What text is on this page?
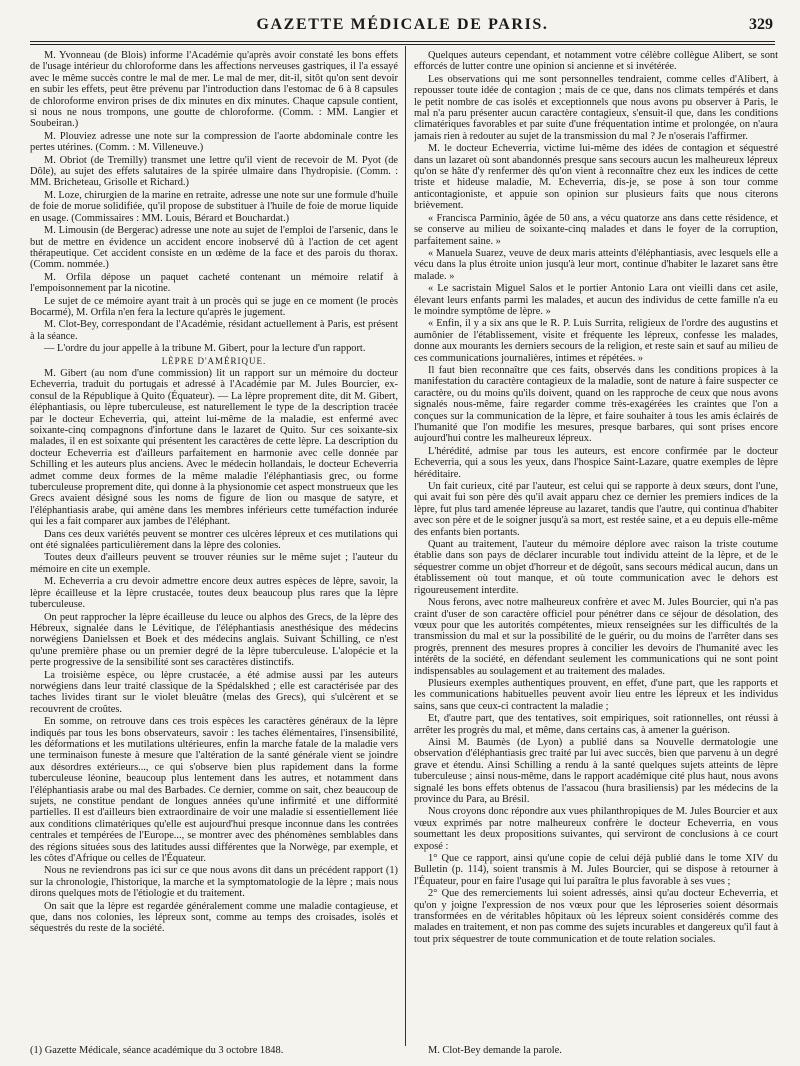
GAZETTE MÉDICALE DE PARIS.	329

M. Yvonneau (de Blois) informe l'Académie qu'après avoir constaté les bons effets de l'usage intérieur du chloroforme dans les affections nerveuses gastriques, il l'a essayé avec le même succès contre le mal de mer. Le mal de mer, dit-il, sitôt qu'on sent devoir en subir les effets, peut être prévenu par l'introduction dans l'estomac de 6 à 8 capsules de chloroforme environ prises de dix minutes en dix minutes. Chaque capsule contient, si nous ne nous trompons, une goutte de chloroforme. (Comm. : MM. Langier et Soubeiran.)

M. Plouviez adresse une note sur la compression de l'aorte abdominale contre les pertes utérines. (Comm. : M. Villeneuve.)

M. Obriot (de Tremilly) transmet une lettre qu'il vient de recevoir de M. Pyot (de Dôle), au sujet des effets salutaires de la spirée ulmaire dans l'hydropisie. (Comm. : MM. Bricheteau, Grisolle et Richard.)

M. Loze, chirurgien de la marine en retraite, adresse une note sur une formule d'huile de foie de morue solidifiée, qu'il propose de substituer à l'huile de foie de morue liquide en usage. (Commissaires : MM. Louis, Bérard et Bouchardat.)

M. Limousin (de Bergerac) adresse une note au sujet de l'emploi de l'arsenic, dans le but de mettre en évidence un accident encore inobservé dû à l'action de cet agent thérapeutique. Cet accident consiste en un œdème de la face et des parois du thorax. (Comm. nommée.)

M. Orfila dépose un paquet cacheté contenant un mémoire relatif à l'empoisonnement par la nicotine.

Le sujet de ce mémoire ayant trait à un procès qui se juge en ce moment (le procès Bocarmé), M. Orfila n'en fera la lecture qu'après le jugement.

M. Clot-Bey, correspondant de l'Académie, résidant actuellement à Paris, est présent à la séance.

— L'ordre du jour appelle à la tribune M. Gibert, pour la lecture d'un rapport.

LÈPRE D'AMÉRIQUE.

M. Gibert (au nom d'une commission) lit un rapport sur un mémoire du docteur Echeverria, traduit du portugais et adressé à l'Académie par M. Jules Bourcier, ex-consul de la République à Quito (Équateur). — La lèpre proprement dite, dit M. Gibert, éléphantiasis, ou lèpre tuberculeuse, est naturellement le type de la description tracée par le docteur Echeverria, qui, atteint lui-même de la maladie, est enfermé avec soixante-cinq compagnons d'infortune dans le lazaret de Quito. Sur ces soixante-six malades, il en est soixante qui présentent les caractères de cette lèpre. La description du docteur Echeverria est d'ailleurs parfaitement en harmonie avec celle donnée par Schilling et les auteurs plus anciens. Avec le médecin hollandais, le docteur Echeverria admet comme deux formes de la même maladie l'éléphantiasis grec, ou forme tuberculeuse proprement dite, qui donne à la physionomie cet aspect monstrueux que les Grecs avaient désigné sous les noms de figure de lion ou masque de satyre, et l'éléphantiasis arabe, qui amène dans les membres inférieurs cette tuméfaction indurée qui les a fait comparer aux jambes de l'éléphant.

Dans ces deux variétés peuvent se montrer ces ulcères lépreux et ces mutilations qui ont été signalées particulièrement dans la lèpre des colonies.

Toutes deux d'ailleurs peuvent se trouver réunies sur le même sujet ; l'auteur du mémoire en cite un exemple.

M. Echeverria a cru devoir admettre encore deux autres espèces de lèpre, savoir, la lèpre écailleuse et la lèpre crustacée, toutes deux beaucoup plus rares que la lèpre tuberculeuse.

On peut rapprocher la lèpre écailleuse du leuce ou alphos des Grecs, de la lèpre des Hébreux, signalée dans le Lévitique, de l'éléphantiasis anesthésique des médecins norwégiens Danielssen et Boek et des médecins anglais. Suivant Schilling, ce n'est qu'une première phase ou un premier degré de la lèpre tuberculeuse. L'alopécie et la perte progressive de la sensibilité sont ses caractères distinctifs.

La troisième espèce, ou lèpre crustacée, a été admise aussi par les auteurs norwégiens dans leur traité classique de la Spédalskhed ; elle est caractérisée par des taches livides tirant sur le violet bleuâtre (melas des Grecs), qui s'ulcèrent et se recouvrent de croûtes.

En somme, on retrouve dans ces trois espèces les caractères généraux de la lèpre indiqués par tous les bons observateurs, savoir : les taches élémentaires, l'insensibilité, les déformations et les mutilations ultérieures, enfin la marche fatale de la maladie vers une terminaison funeste à mesure que l'altération de la santé générale vient se joindre aux désordres extérieurs..., ce qui s'observe bien plus rapidement dans la forme tuberculeuse léonine, beaucoup plus lentement dans les autres, et notamment dans l'éléphantiasis arabe ou mal des Barbades. Ce dernier, comme on sait, chez beaucoup de sujets, ne constitue pendant de longues années qu'une infirmité et une difformité partielles. Il est d'ailleurs bien extraordinaire de voir une maladie si essentiellement liée aux conditions climatériques qu'elle est aujourd'hui presque inconnue dans les contrées centrales et tempérées de l'Europe..., se montrer avec des phénomènes semblables dans des régions situées sous des latitudes aussi différentes que la Norwège, par exemple, et les côtes d'Afrique ou celles de l'Équateur.

Nous ne reviendrons pas ici sur ce que nous avons dit dans un précédent rapport (1) sur la chronologie, l'historique, la marche et la symptomatologie de la lèpre ; mais nous dirons quelques mots de l'étiologie et du traitement.

On sait que la lèpre est regardée généralement comme une maladie contagieuse, et que, dans nos colonies, les lépreux sont, comme au temps des croisades, isolés et séquestrés du reste de la société.

Quelques auteurs cependant, et notamment votre célèbre collègue Alibert, se sont efforcés de lutter contre une opinion si ancienne et si invétérée.

Les observations qui me sont personnelles tendraient, comme celles d'Alibert, à repousser toute idée de contagion ; mais de ce que, dans nos climats tempérés et dans le petit nombre de cas isolés et exceptionnels que nous avons pu observer à Paris, le mal n'a paru présenter aucun caractère contagieux, s'ensuit-il que, dans les conditions climatériques favorables et par suite d'une fréquentation intime et prolongée, on n'aura jamais rien à redouter au sujet de la transmission du mal ? Je n'oserais l'affirmer.

M. le docteur Echeverria, victime lui-même des idées de contagion et séquestré dans un lazaret où sont abandonnés presque sans secours aucun les malheureux lépreux qu'on se hâte d'y renfermer dès qu'on vient à reconnaître chez eux les indices de cette triste et hideuse maladie, M. Echeverria, dis-je, se pose à son tour comme anticontagioniste, et appuie son opinion sur plusieurs faits que nous citerons brièvement.

« Francisca Parminio, âgée de 50 ans, a vécu quatorze ans dans cette résidence, et se conserve au milieu de soixante-cinq malades et dans le foyer de la corruption, parfaitement saine. »

« Manuela Suarez, veuve de deux maris atteints d'éléphantiasis, avec lesquels elle a vécu dans la plus étroite union jusqu'à leur mort, continue d'habiter le lazaret sans être malade. »

« Le sacristain Miguel Salos et le portier Antonio Lara ont vieilli dans cet asile, élevant leurs enfants parmi les malades, et aucun des individus de cette famille n'a eu le moindre symptôme de lèpre. »

« Enfin, il y a six ans que le R. P. Luis Surrita, religieux de l'ordre des augustins et aumônier de l'établissement, visite et fréquente les lépreux, confesse les malades, donne aux mourants les derniers secours de la religion, et reste sain et sauf au milieu de ces communications journalières, intimes et répétées. »

Il faut bien reconnaître que ces faits, observés dans les conditions propices à la manifestation du caractère contagieux de la maladie, sont de nature à faire suspecter ce caractère, ou du moins qu'ils doivent, quand on les rapproche de ceux que nous avons signalés nous-même, faire regarder comme très-exagérées les craintes que l'on a conçues sur la communication de la lèpre, et faire souhaiter à tous les amis éclairés de l'humanité que l'on modifie les mesures, presque barbares, qui sont prises encore aujourd'hui contre les malheureux lépreux.

L'hérédité, admise par tous les auteurs, est encore confirmée par le docteur Echeverria, qui a sous les yeux, dans l'hospice Saint-Lazare, quatre exemples de lèpre héréditaire.

Un fait curieux, cité par l'auteur, est celui qui se rapporte à deux sœurs, dont l'une, qui avait fui son père dès qu'il avait apparu chez ce dernier les premiers indices de la lèpre, fut plus tard amenée lépreuse au lazaret, tandis que l'autre, qui continua d'habiter avec son père et de le soigner jusqu'à sa mort, est restée saine, et a eu depuis elle-même des enfants bien portants.

Quant au traitement, l'auteur du mémoire déplore avec raison la triste coutume établie dans son pays de déclarer incurable tout individu atteint de la lèpre, et de le séquestrer comme un objet d'horreur et de dégoût, sans secours médical aucun, dans un établissement où tout manque, et où toute communication avec le dehors est rigoureusement interdite.

Nous ferons, avec notre malheureux confrère et avec M. Jules Bourcier, qui n'a pas craint d'user de son caractère officiel pour pénétrer dans ce séjour de désolation, des vœux pour que les autorités compétentes, mieux renseignées sur les difficultés de la transmission du mal et sur la possibilité de le guérir, ou du moins de l'arrêter dans ses progrès, prennent des mesures propres à concilier les devoirs de l'humanité avec les intérêts de la société, en défendant seulement les communications qui ne sont point indispensables au soulagement et au traitement des malades.

Plusieurs exemples authentiques prouvent, en effet, d'une part, que les rapports et les communications habituelles peuvent avoir lieu entre les lépreux et les individus sains, sans que ceux-ci contractent la maladie ;

Et, d'autre part, que des tentatives, soit empiriques, soit rationnelles, ont réussi à arrêter les progrès du mal, et même, dans certains cas, à amener la guérison.

Ainsi M. Baumès (de Lyon) a publié dans sa Nouvelle dermatologie une observation d'éléphantiasis grec traité par lui avec succès, bien que parvenu à un degré grave et étendu. Ainsi Schilling a rendu à la santé quelques sujets atteints de lèpre tuberculeuse ; ainsi nous-même, dans le rapport académique cité plus haut, nous avons signalé les bons effets obtenus de l'assacou (hura brasiliensis) par les médecins de la province du Para, au Brésil.

Nous croyons donc répondre aux vues philanthropiques de M. Jules Bourcier et aux vœux exprimés par notre malheureux confrère le docteur Echeverria, en vous soumettant les deux propositions suivantes, qui serviront de conclusions à ce court exposé :

1° Que ce rapport, ainsi qu'une copie de celui déjà publié dans le tome XIV du Bulletin (p. 114), soient transmis à M. Jules Bourcier, qui se dispose à retourner à l'Équateur, pour en faire l'usage qui lui paraîtra le plus favorable à ses vues ;

2° Que des remerciements lui soient adressés, ainsi qu'au docteur Echeverria, et qu'on y joigne l'expression de nos vœux pour que les léproseries soient désormais transformées en de véritables hôpitaux où les lépreux soient considérés comme des malades en traitement, et non pas comme des sujets incurables et dangereux qu'il faut à tout prix séquestrer de toute communication et de toute relation sociales.

(1) Gazette Médicale, séance académique du 3 octobre 1848.	M. Clot-Bey demande la parole.
